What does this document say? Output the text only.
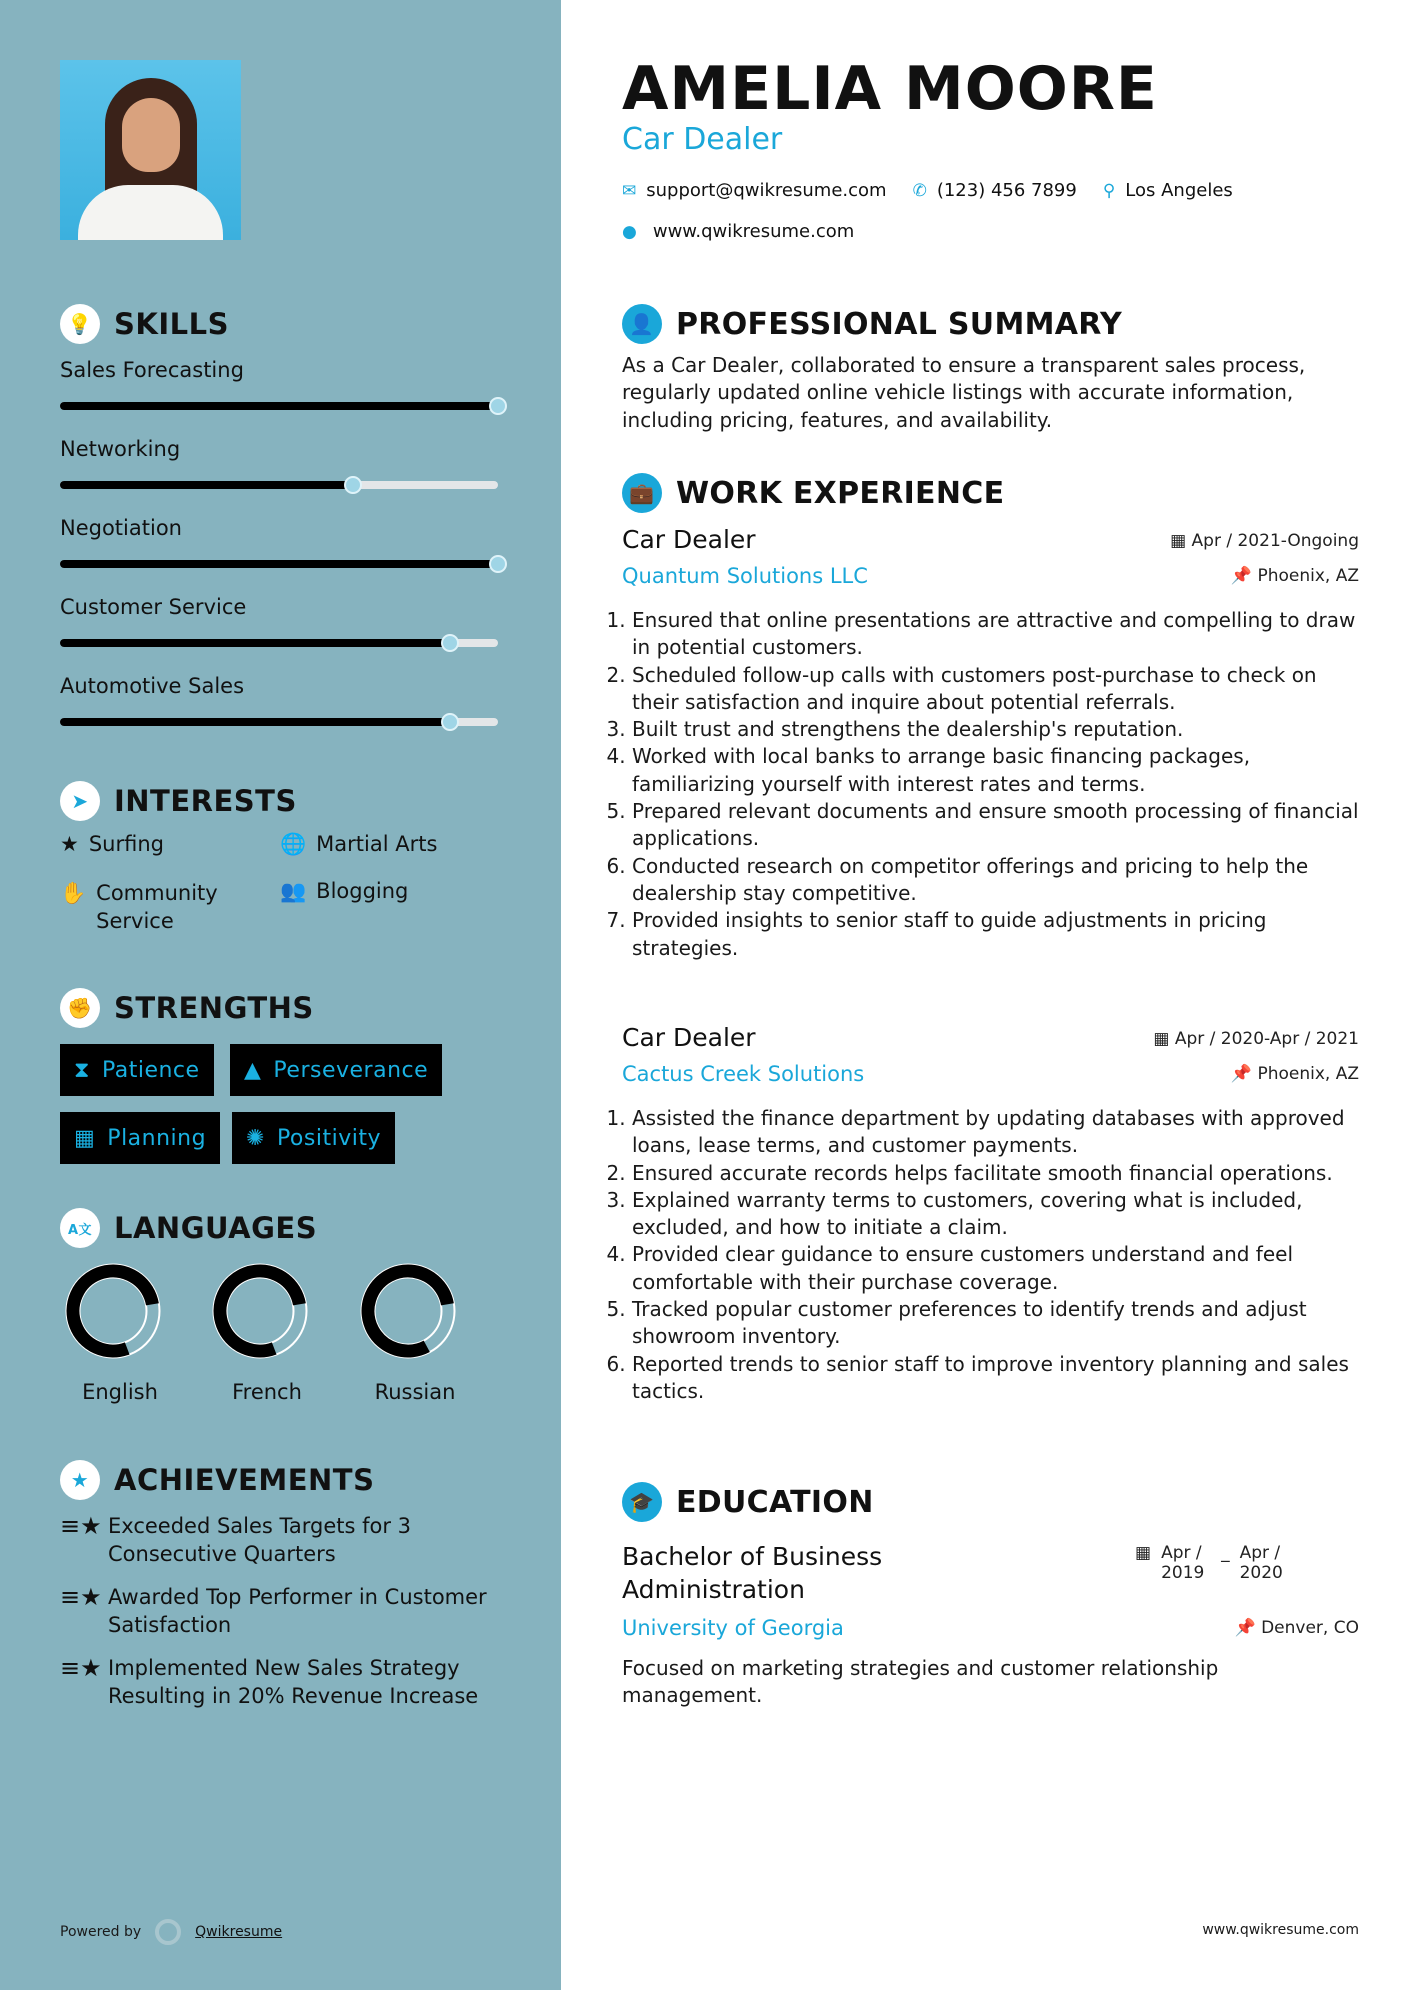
💡 SKILLS
Sales Forecasting
Networking
Negotiation
Customer Service
Automotive Sales
➤ INTERESTS
★ Surfing	🌐 Martial Arts
✋ Community Service
👥 Blogging
✊ STRENGTHS
⧗ Patience ▲ Perseverance
▦ Planning ✺ Positivity
A文 LANGUAGES
English	French	Russian
★ ACHIEVEMENTS
≡★ Exceeded Sales Targets for 3 Consecutive Quarters
≡★ Awarded Top Performer in Customer Satisfaction
≡★ Implemented New Sales Strategy Resulting in 20% Revenue Increase
Powered by	Qwikresume
AMELIA MOORE
Car Dealer
✉ support@qwikresume.com ✆ (123) 456 7899 ⚲ Los Angeles
● www.qwikresume.com
👤 PROFESSIONAL SUMMARY
As a Car Dealer, collaborated to ensure a transparent sales process, regularly updated online vehicle listings with accurate information, including pricing, features, and availability.
💼 WORK EXPERIENCE
Car Dealer	▦ Apr / 2021-Ongoing
Quantum Solutions LLC	📌 Phoenix, AZ
1. Ensured that online presentations are attractive and compelling to draw in potential customers.
2. Scheduled follow-up calls with customers post-purchase to check on their satisfaction and inquire about potential referrals.
3. Built trust and strengthens the dealership's reputation.
4. Worked with local banks to arrange basic financing packages, familiarizing yourself with interest rates and terms.
5. Prepared relevant documents and ensure smooth processing of financial applications.
6. Conducted research on competitor offerings and pricing to help the dealership stay competitive.
7. Provided insights to senior staff to guide adjustments in pricing strategies.
Car Dealer	▦ Apr / 2020-Apr / 2021
Cactus Creek Solutions	📌 Phoenix, AZ
1. Assisted the finance department by updating databases with approved loans, lease terms, and customer payments.
2. Ensured accurate records helps facilitate smooth financial operations.
3. Explained warranty terms to customers, covering what is included, excluded, and how to initiate a claim.
4. Provided clear guidance to ensure customers understand and feel comfortable with their purchase coverage.
5. Tracked popular customer preferences to identify trends and adjust showroom inventory.
6. Reported trends to senior staff to improve inventory planning and sales tactics.
🎓 EDUCATION
Bachelor of Business Administration
▦ Apr / 2019
_ Apr / 2020
University of Georgia	📌 Denver, CO
Focused on marketing strategies and customer relationship management.
www.qwikresume.com
